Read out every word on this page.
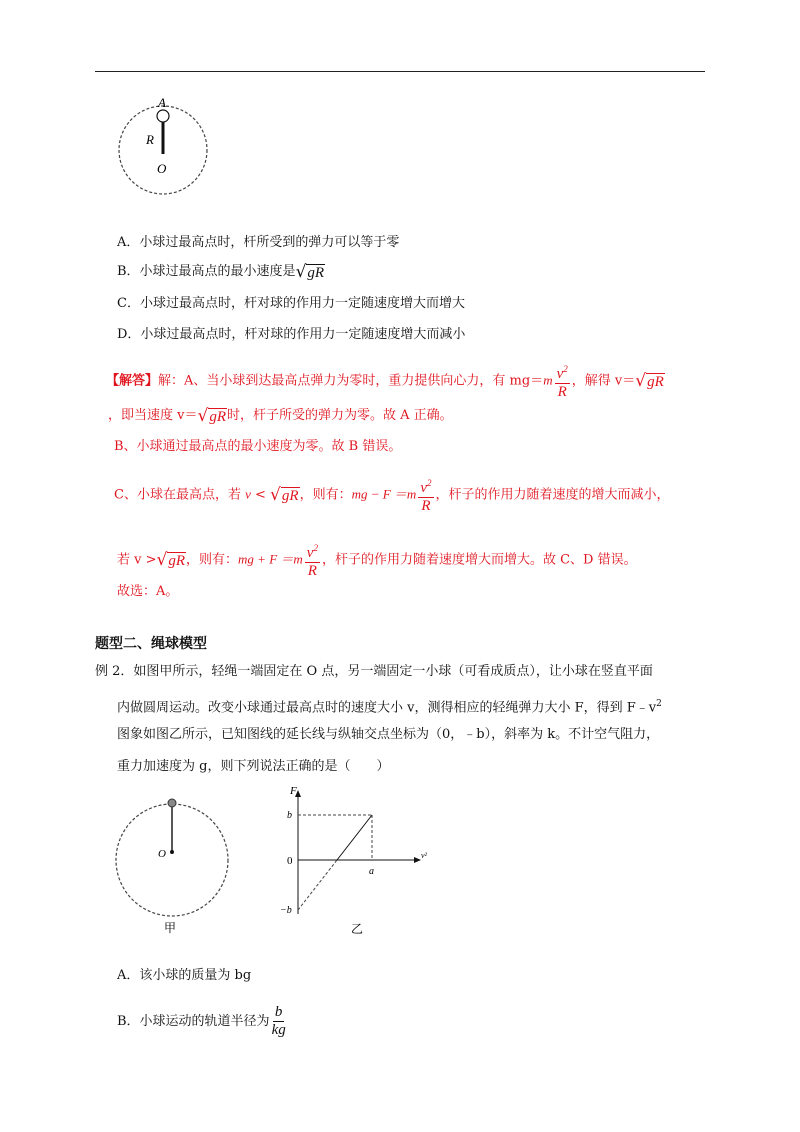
A
R
O
A．小球过最高点时，杆所受到的弹力可以等于零
B．小球过最高点的最小速度是 √ gR
C．小球过最高点时，杆对球的作用力一定随速度增大而增大
D．小球过最高点时，杆对球的作用力一定随速度增大而减小
【解答】解：A、当小球到达最高点弹力为零时，重力提供向心力，有 $mg=m \frac{v^2}{R}$ ，解得 v＝ √ gR
，即当速度 v＝ √ gR 时，杆子所受的弹力为零。故 A 正确。
B、小球通过最高点的最小速度为零。故 B 错误。
C、小球在最高点，若 v < √ gR ，则有：mg − $F =m \frac{v^2}{R}$ ，杆子的作用力随着速度的增大而减小，
若 v > √ gR ，则有：mg + $F =m \frac{v^2}{R}$ ，杆子的作用力随着速度增大而增大。故 C、D 错误。
故选：A。
题型二、绳球模型
例 2．如图甲所示，轻绳一端固定在 O 点，另一端固定一小球（可看成质点），让小球在竖直平面
内做圆周运动。改变小球通过最高点时的速度大小 v，测得相应的轻绳弹力大小 F，得到 $F﹣v^2$
图象如图乙所示，已知图线的延长线与纵轴交点坐标为（0，﹣b），斜率为 k。不计空气阻力，
重力加速度为 g，则下列说法正确的是（　　）
O
甲
F
b
0
a
v²
−b
乙
A．该小球的质量为 bg
B．小球运动的轨道半径为 $\frac{b}{kg}$
